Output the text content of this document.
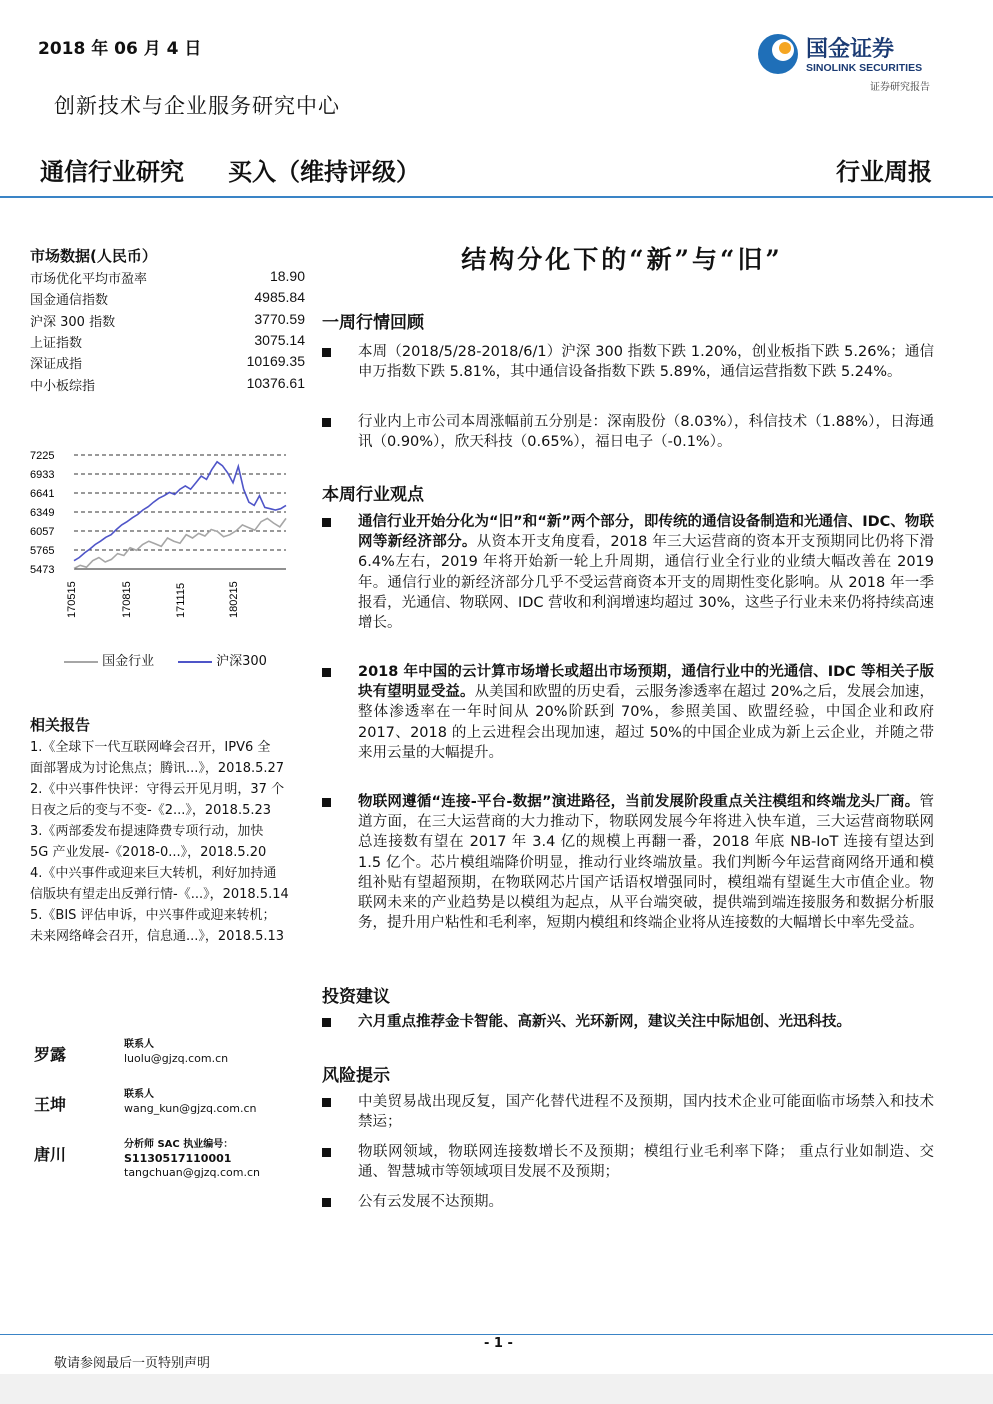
2018 年 06 月 4 日
创新技术与企业服务研究中心
国金证券
SINOLINK SECURITIES
证券研究报告
通信行业研究 买入（维持评级）	行业周报
市场数据(人民币）
市场优化平均市盈率	18.90
国金通信指数	4985.84
沪深 300 指数	3770.59
上证指数	3075.14
深证成指	10169.35
中小板综指	10376.61
7225
6933
6641
6349
6057
5765
5473
170515	170815	171115	180215
国金行业	沪深300
相关报告
1.《全球下一代互联网峰会召开，IPV6 全
面部署成为讨论焦点；腾讯...》，2018.5.27
2.《中兴事件快评：守得云开见月明，37 个
日夜之后的变与不变-《2...》，2018.5.23
3.《两部委发布提速降费专项行动，加快
5G 产业发展-《2018-0...》，2018.5.20
4.《中兴事件或迎来巨大转机，利好加持通
信版块有望走出反弹行情-《...》，2018.5.14
5.《BIS 评估申诉，中兴事件或迎来转机；
未来网络峰会召开，信息通...》，2018.5.13
罗露
联系人
luolu@gjzq.com.cn
王坤
联系人
wang_kun@gjzq.com.cn
唐川
分析师 SAC 执业编号：
S1130517110001
tangchuan@gjzq.com.cn
结构分化下的“新”与“旧”
一周行情回顾
本周（2018/5/28-2018/6/1）沪深 300 指数下跌 1.20%，创业板指下跌 5.26%；通信申万指数下跌 5.81%，其中通信设备指数下跌 5.89%，通信运营指数下跌 5.24%。
行业内上市公司本周涨幅前五分别是：深南股份（8.03%），科信技术（1.88%），日海通讯（0.90%），欣天科技（0.65%），福日电子（-0.1%）。
本周行业观点
通信行业开始分化为“旧”和“新”两个部分，即传统的通信设备制造和光通信、IDC、物联网等新经济部分。从资本开支角度看，2018 年三大运营商的资本开支预期同比仍将下滑 6.4%左右，2019 年将开始新一轮上升周期，通信行业全行业的业绩大幅改善在 2019 年。通信行业的新经济部分几乎不受运营商资本开支的周期性变化影响。从 2018 年一季报看，光通信、物联网、IDC 营收和利润增速均超过 30%，这些子行业未来仍将持续高速增长。
2018 年中国的云计算市场增长或超出市场预期，通信行业中的光通信、IDC 等相关子版块有望明显受益。从美国和欧盟的历史看，云服务渗透率在超过 20%之后，发展会加速，整体渗透率在一年时间从 20%阶跃到 70%，参照美国、欧盟经验，中国企业和政府 2017、2018 的上云进程会出现加速，超过 50%的中国企业成为新上云企业，并随之带来用云量的大幅提升。
物联网遵循“连接-平台-数据”演进路径，当前发展阶段重点关注模组和终端龙头厂商。管道方面，在三大运营商的大力推动下，物联网发展今年将进入快车道，三大运营商物联网总连接数有望在 2017 年 3.4 亿的规模上再翻一番，2018 年底 NB-IoT 连接有望达到 1.5 亿个。芯片模组端降价明显，推动行业终端放量。我们判断今年运营商网络开通和模组补贴有望超预期，在物联网芯片国产话语权增强同时，模组端有望诞生大市值企业。物联网未来的产业趋势是以模组为起点，从平台端突破，提供端到端连接服务和数据分析服务，提升用户粘性和毛利率，短期内模组和终端企业将从连接数的大幅增长中率先受益。
投资建议
六月重点推荐金卡智能、高新兴、光环新网，建议关注中际旭创、光迅科技。
风险提示
中美贸易战出现反复，国产化替代进程不及预期，国内技术企业可能面临市场禁入和技术禁运；
物联网领域，物联网连接数增长不及预期；模组行业毛利率下降； 重点行业如制造、交通、智慧城市等领域项目发展不及预期；
公有云发展不达预期。
- 1 -
敬请参阅最后一页特别声明
